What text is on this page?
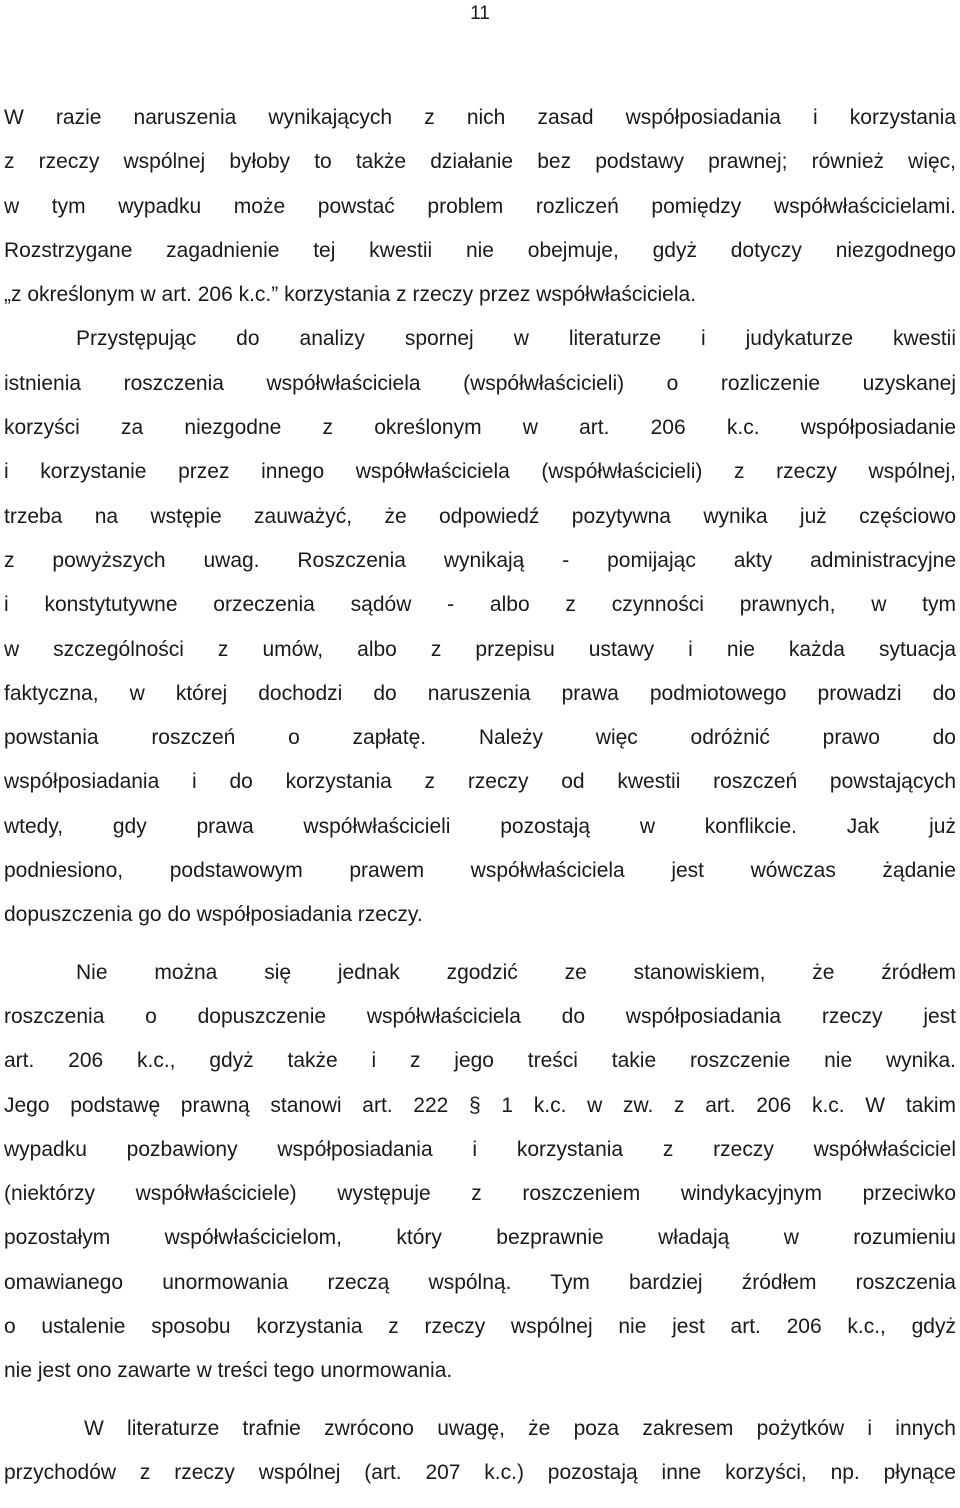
11
W razie naruszenia wynikających z nich zasad współposiadania i korzystania
z rzeczy wspólnej byłoby to także działanie bez podstawy prawnej; również więc,
w tym wypadku może powstać problem rozliczeń pomiędzy współwłaścicielami.
Rozstrzygane zagadnienie tej kwestii nie obejmuje, gdyż dotyczy niezgodnego
„z określonym w art. 206 k.c.” korzystania z rzeczy przez współwłaściciela.
Przystępując do analizy spornej w literaturze i judykaturze kwestii
istnienia roszczenia współwłaściciela (współwłaścicieli) o rozliczenie uzyskanej
korzyści za niezgodne z określonym w art. 206 k.c. współposiadanie
i korzystanie przez innego współwłaściciela (współwłaścicieli) z rzeczy wspólnej,
trzeba na wstępie zauważyć, że odpowiedź pozytywna wynika już częściowo
z powyższych uwag. Roszczenia wynikają - pomijając akty administracyjne
i konstytutywne orzeczenia sądów - albo z czynności prawnych, w tym
w szczególności z umów, albo z przepisu ustawy i nie każda sytuacja
faktyczna, w której dochodzi do naruszenia prawa podmiotowego prowadzi do
powstania roszczeń o zapłatę. Należy więc odróżnić prawo do
współposiadania i do korzystania z rzeczy od kwestii roszczeń powstających
wtedy, gdy prawa współwłaścicieli pozostają w konflikcie. Jak już
podniesiono, podstawowym prawem współwłaściciela jest wówczas żądanie
dopuszczenia go do współposiadania rzeczy.
Nie można się jednak zgodzić ze stanowiskiem, że źródłem
roszczenia o dopuszczenie współwłaściciela do współposiadania rzeczy jest
art. 206 k.c., gdyż także i z jego treści takie roszczenie nie wynika.
Jego podstawę prawną stanowi art. 222 § 1 k.c. w zw. z art. 206 k.c. W takim
wypadku pozbawiony współposiadania i korzystania z rzeczy współwłaściciel
(niektórzy współwłaściciele) występuje z roszczeniem windykacyjnym przeciwko
pozostałym współwłaścicielom, który bezprawnie władają w rozumieniu
omawianego unormowania rzeczą wspólną. Tym bardziej źródłem roszczenia
o ustalenie sposobu korzystania z rzeczy wspólnej nie jest art. 206 k.c., gdyż
nie jest ono zawarte w treści tego unormowania.
W literaturze trafnie zwrócono uwagę, że poza zakresem pożytków i innych
przychodów z rzeczy wspólnej (art. 207 k.c.) pozostają inne korzyści, np. płynące
